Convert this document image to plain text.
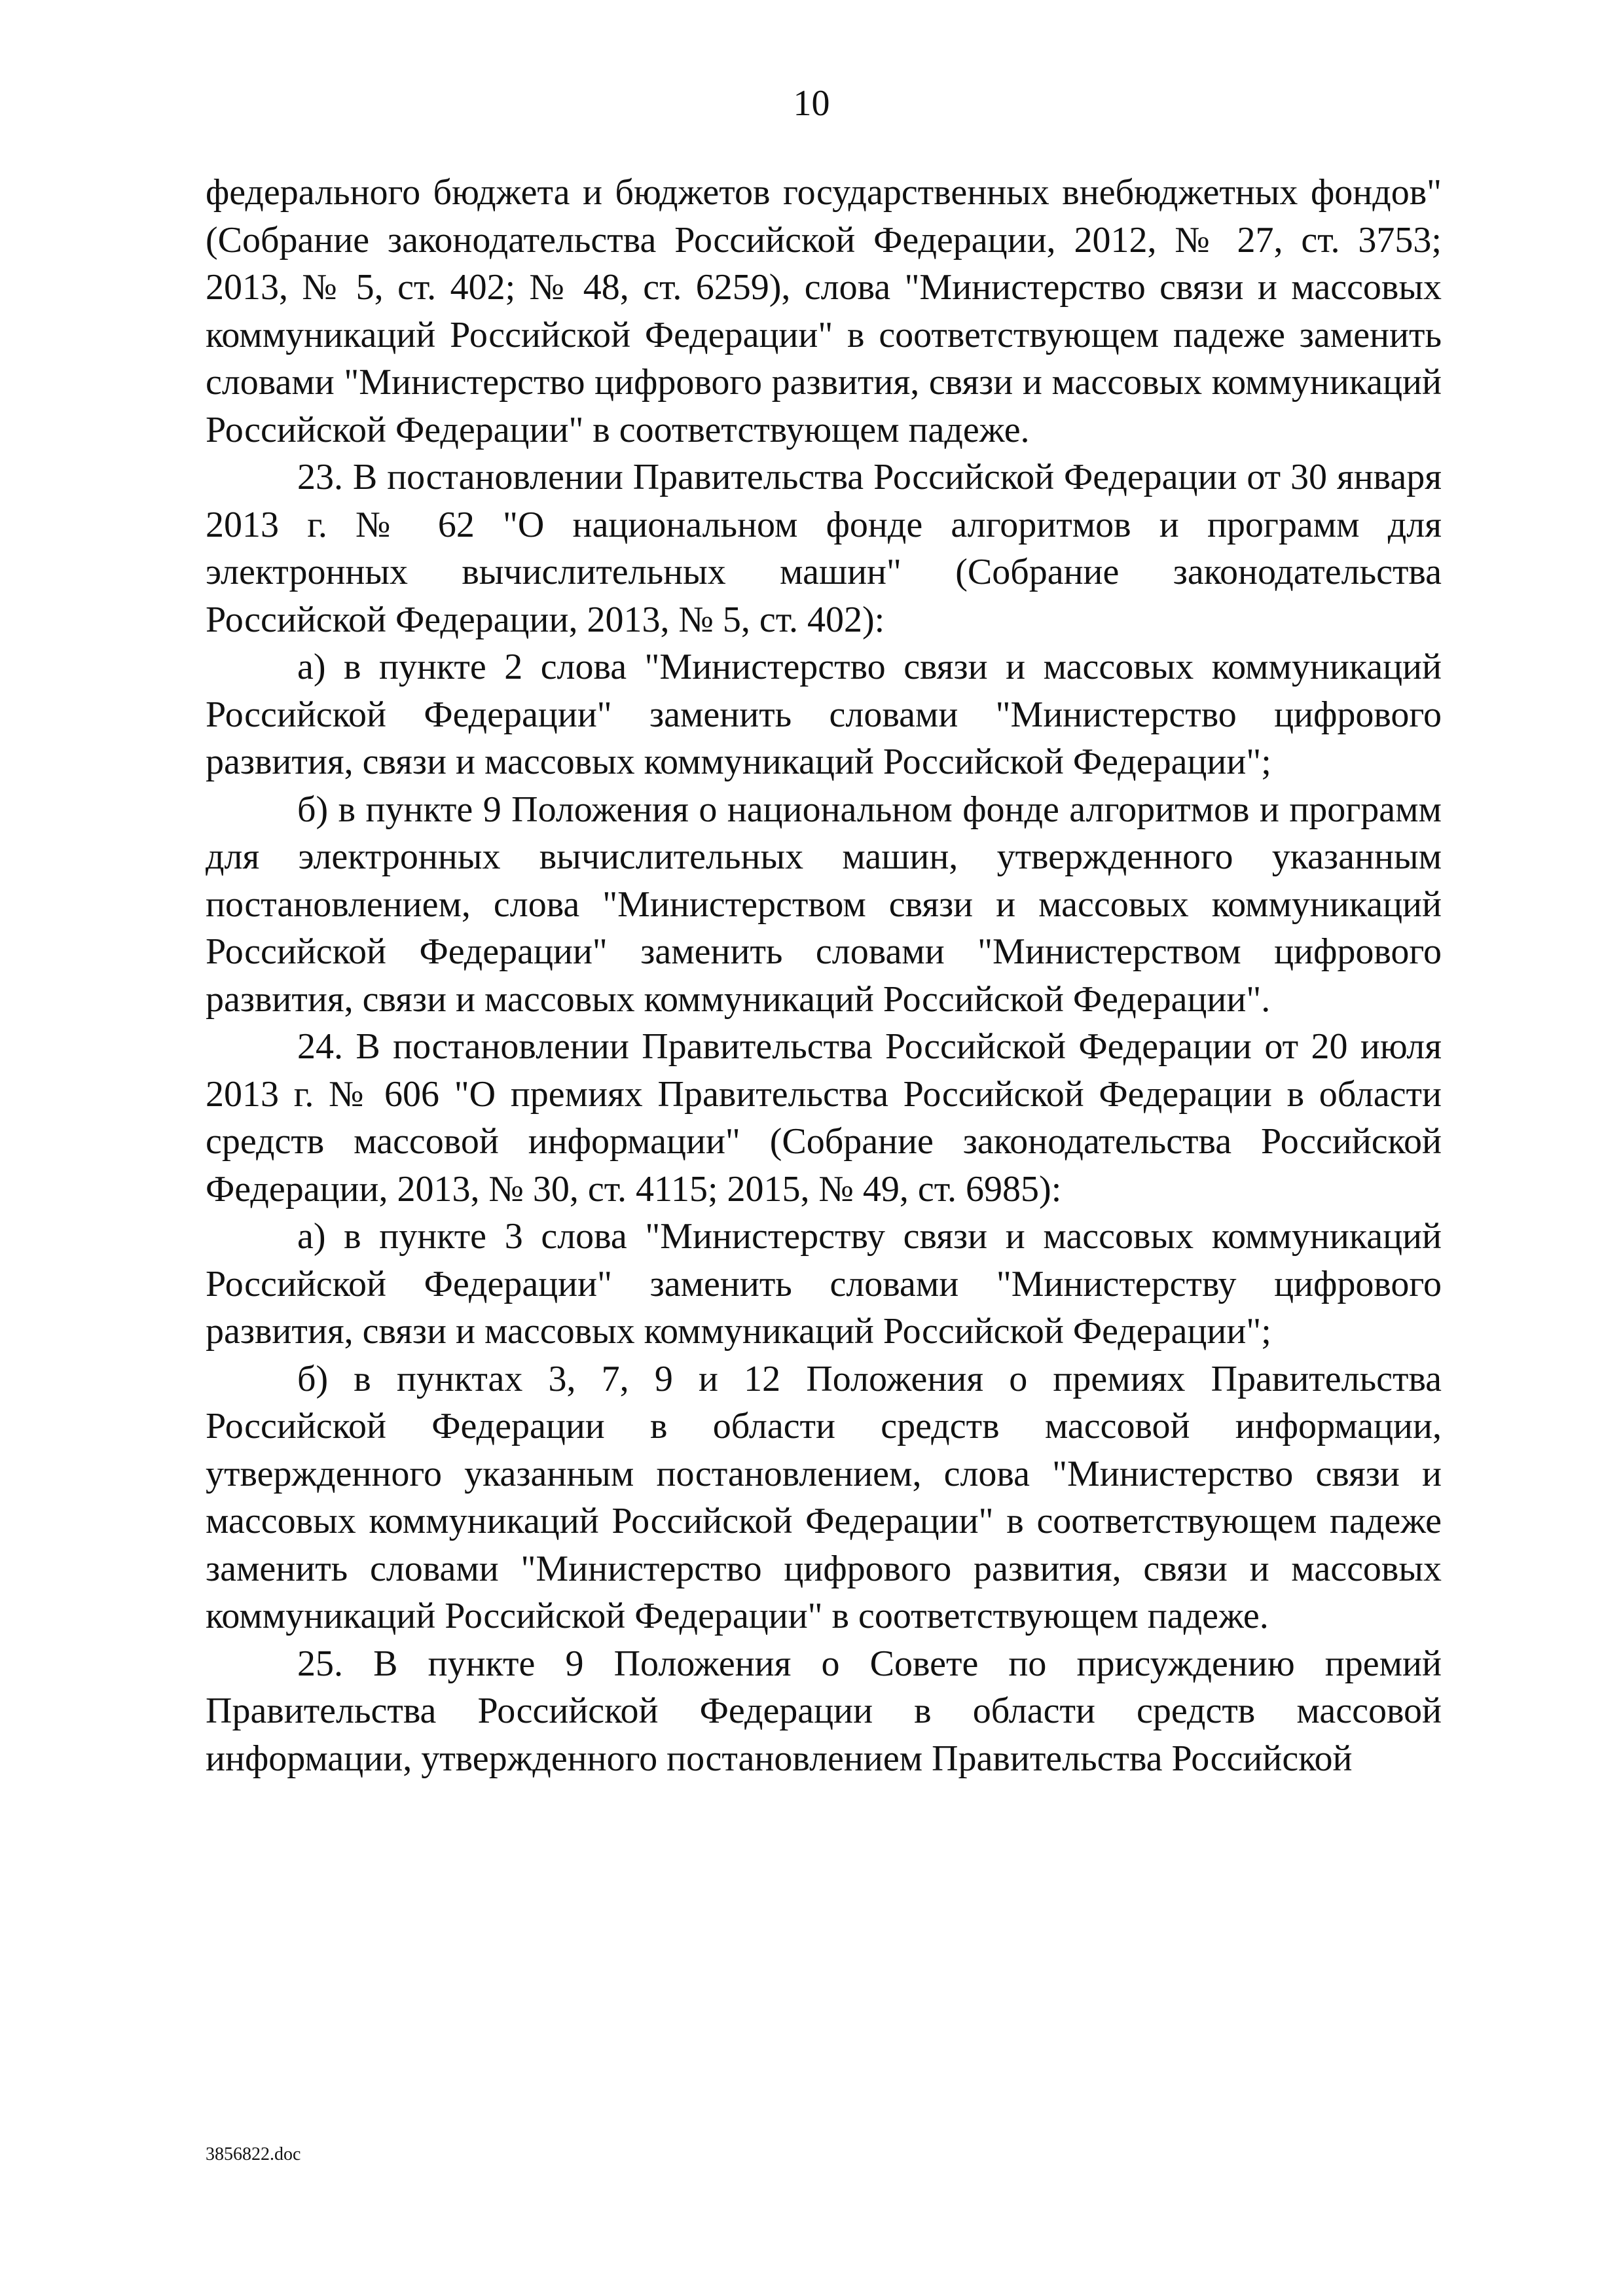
10

федерального бюджета и бюджетов государственных внебюджетных фондов" (Собрание законодательства Российской Федерации, 2012, № 27, ст. 3753; 2013, № 5, ст. 402; № 48, ст. 6259), слова "Министерство связи и массовых коммуникаций Российской Федерации" в соответствующем падеже заменить словами "Министерство цифрового развития, связи и массовых коммуникаций Российской Федерации" в соответствующем падеже.

23. В постановлении Правительства Российской Федерации от 30 января 2013 г. № 62 "О национальном фонде алгоритмов и программ для электронных вычислительных машин" (Собрание законодательства Российской Федерации, 2013, № 5, ст. 402):

а) в пункте 2 слова "Министерство связи и массовых коммуникаций Российской Федерации" заменить словами "Министерство цифрового развития, связи и массовых коммуникаций Российской Федерации";

б) в пункте 9 Положения о национальном фонде алгоритмов и программ для электронных вычислительных машин, утвержденного указанным постановлением, слова "Министерством связи и массовых коммуникаций Российской Федерации" заменить словами "Министерством цифрового развития, связи и массовых коммуникаций Российской Федерации".

24. В постановлении Правительства Российской Федерации от 20 июля 2013 г. № 606 "О премиях Правительства Российской Федерации в области средств массовой информации" (Собрание законодательства Российской Федерации, 2013, № 30, ст. 4115; 2015, № 49, ст. 6985):

а) в пункте 3 слова "Министерству связи и массовых коммуникаций Российской Федерации" заменить словами "Министерству цифрового развития, связи и массовых коммуникаций Российской Федерации";

б) в пунктах 3, 7, 9 и 12 Положения о премиях Правительства Российской Федерации в области средств массовой информации, утвержденного указанным постановлением, слова "Министерство связи и массовых коммуникаций Российской Федерации" в соответствующем падеже заменить словами "Министерство цифрового развития, связи и массовых коммуникаций Российской Федерации" в соответствующем падеже.

25. В пункте 9 Положения о Совете по присуждению премий Правительства Российской Федерации в области средств массовой информации, утвержденного постановлением Правительства Российской

3856822.doc
